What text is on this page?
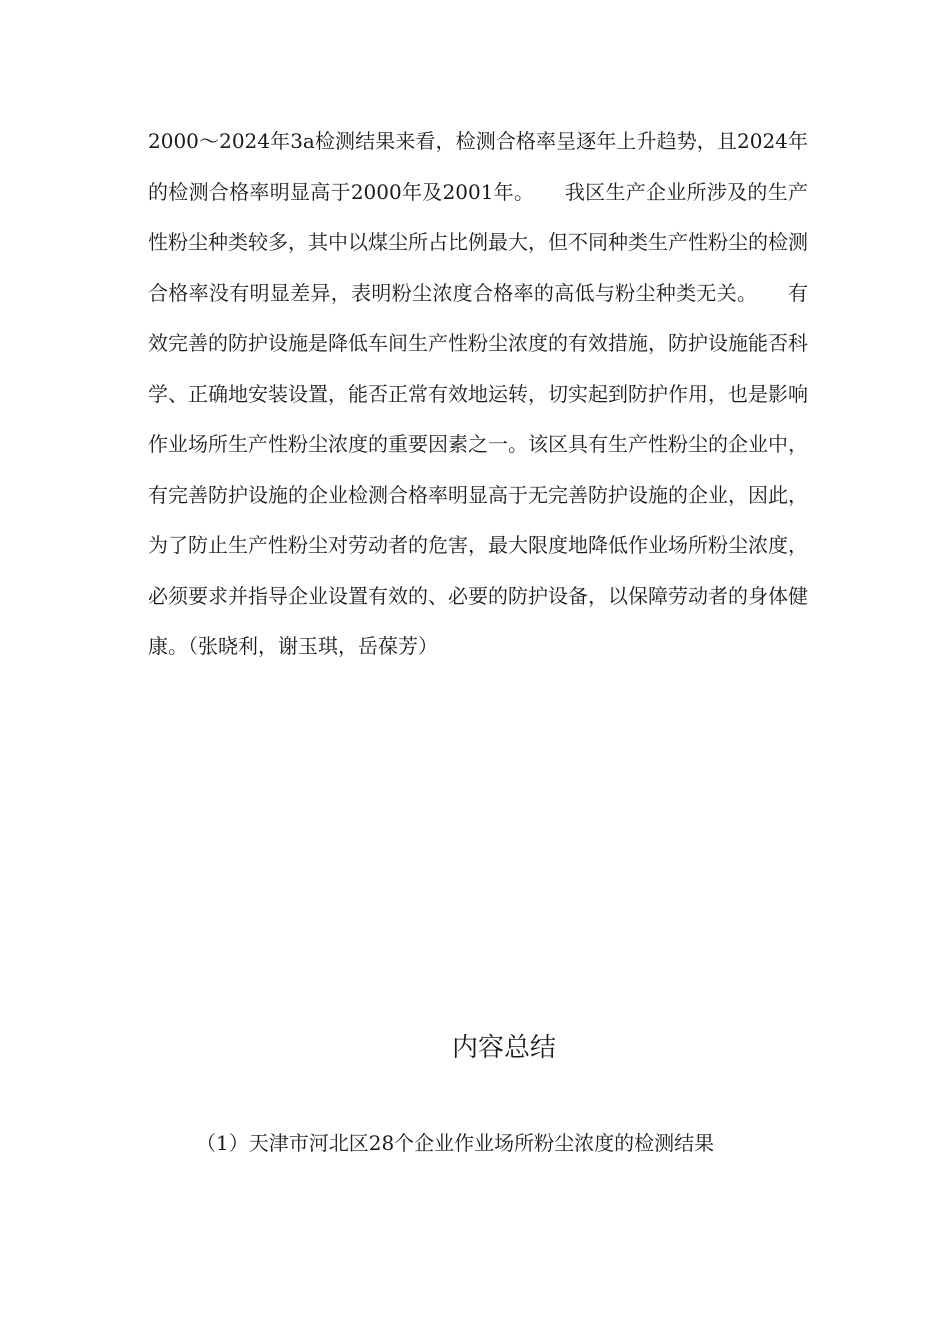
2000～2024年3a检测结果来看，检测合格率呈逐年上升趋势，且2024年的检测合格率明显高于2000年及2001年。　　我区生产企业所涉及的生产性粉尘种类较多，其中以煤尘所占比例最大，但不同种类生产性粉尘的检测合格率没有明显差异，表明粉尘浓度合格率的高低与粉尘种类无关。　　有效完善的防护设施是降低车间生产性粉尘浓度的有效措施，防护设施能否科学、正确地安装设置，能否正常有效地运转，切实起到防护作用，也是影响作业场所生产性粉尘浓度的重要因素之一。该区具有生产性粉尘的企业中，有完善防护设施的企业检测合格率明显高于无完善防护设施的企业，因此，为了防止生产性粉尘对劳动者的危害，最大限度地降低作业场所粉尘浓度，必须要求并指导企业设置有效的、必要的防护设备，以保障劳动者的身体健康。（张晓利，谢玉琪，岳葆芳）

内容总结

（1）天津市河北区28个企业作业场所粉尘浓度的检测结果
